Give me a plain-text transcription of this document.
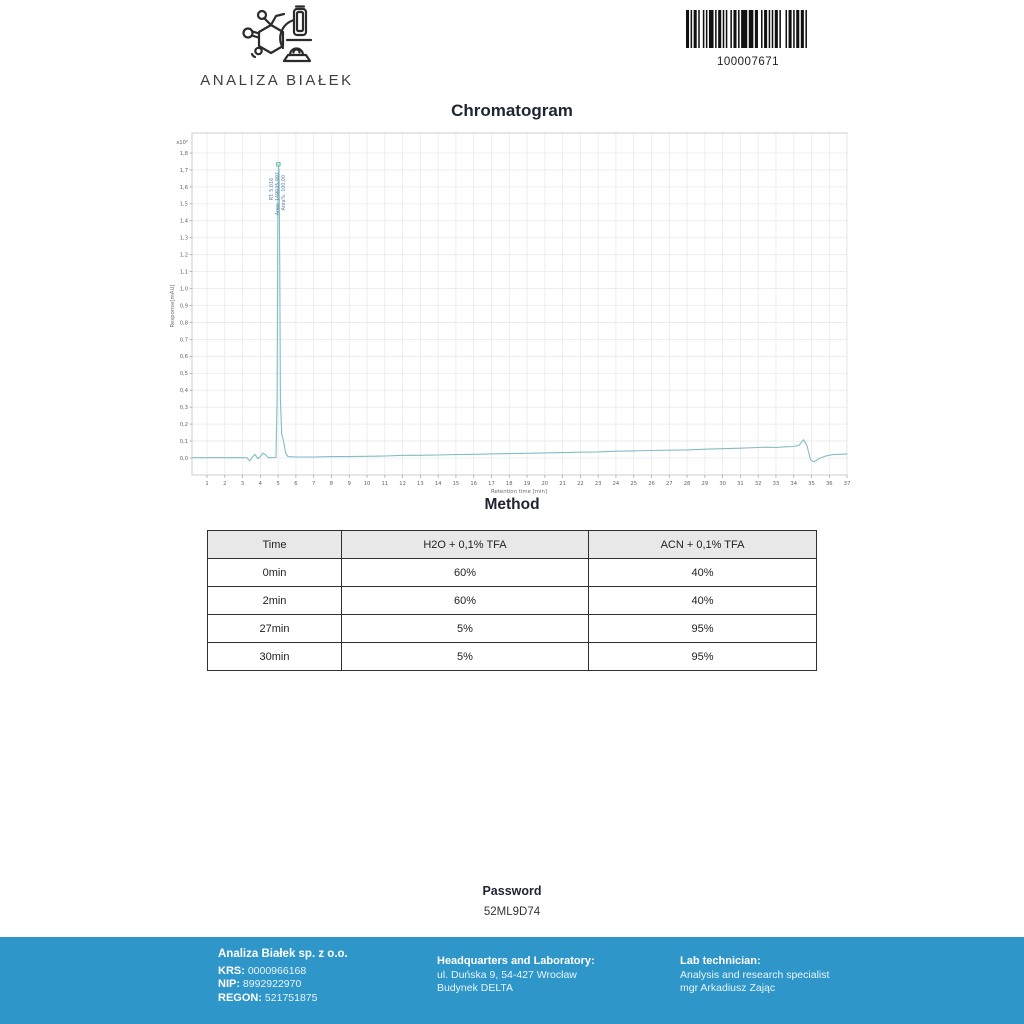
ANALIZA BIAŁEK
100007671
Chromatogram
1	2	3	4	5	6	7	8	9 10 11 12 13 14 15 16 17 18 19 20 21 22 23 24 25 26 27 28 29 30 31 32 33 34 35 36 37
0,0
0,1
0,2
0,3
0,4
0,5
0,6
0,7
0,8
0,9
1,0
1,1
1,2
1,3
1,4
1,5
1,6
1,7
1,8
x10²
Retention time [min]
Response[mAU]
RT: 5.016 Area: 149035.997 Area%: 100,00
Method
Time	H2O + 0,1% TFA	ACN + 0,1% TFA
0min	60%	40%
2min	60%	40%
27min	5%	95%
30min	5%	95%
Password
52ML9D74
Analiza Białek sp. z o.o.
KRS: 0000966168
NIP: 8992922970
REGON: 521751875
Headquarters and Laboratory:
ul. Duńska 9, 54-427 Wrocław
Budynek DELTA
Lab technician:
Analysis and research specialist
mgr Arkadiusz Zając
